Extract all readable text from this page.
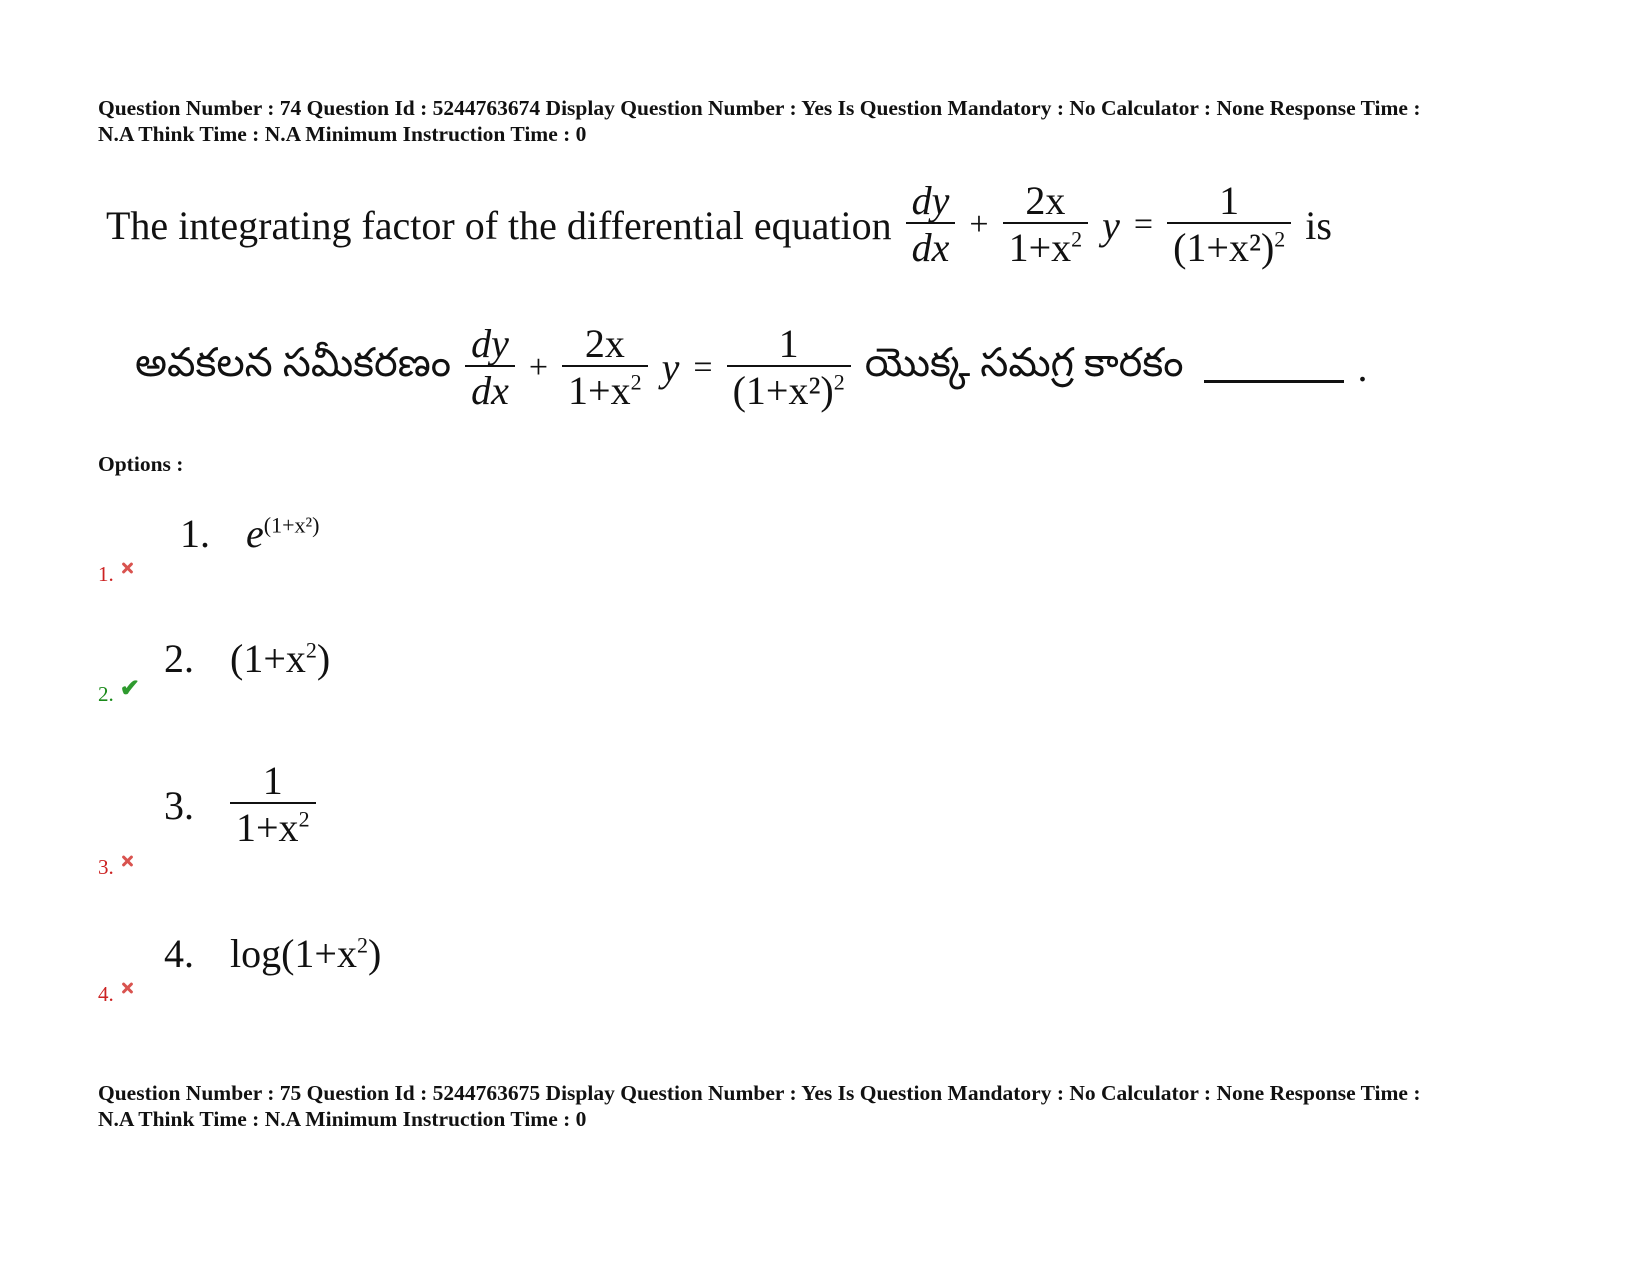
Question Number : 74 Question Id : 5244763674 Display Question Number : Yes Is Question Mandatory : No Calculator : None Response Time :
N.A Think Time : N.A Minimum Instruction Time : 0
The integrating factor of the differential equation $\frac{dy}{dx} + \frac{2x}{1+x^2}$ $y = \frac{1}{(1+x^2)^2}$ is
అవకలన సమీకరణం $\frac{dy}{dx} + \frac{2x}{1+x^2}$ $y = \frac{1}{(1+x^2)^2}$ యొక్క సమగ్ర కారకం	.
Options :
1. $e^{(1+x^2)}$
1.
2. $(1+x^2)$
2. ✔
3. $\frac{1}{1+x^2}$
3.
4. $\log(1+x^2)$
4.
Question Number : 75 Question Id : 5244763675 Display Question Number : Yes Is Question Mandatory : No Calculator : None Response Time :
N.A Think Time : N.A Minimum Instruction Time : 0
